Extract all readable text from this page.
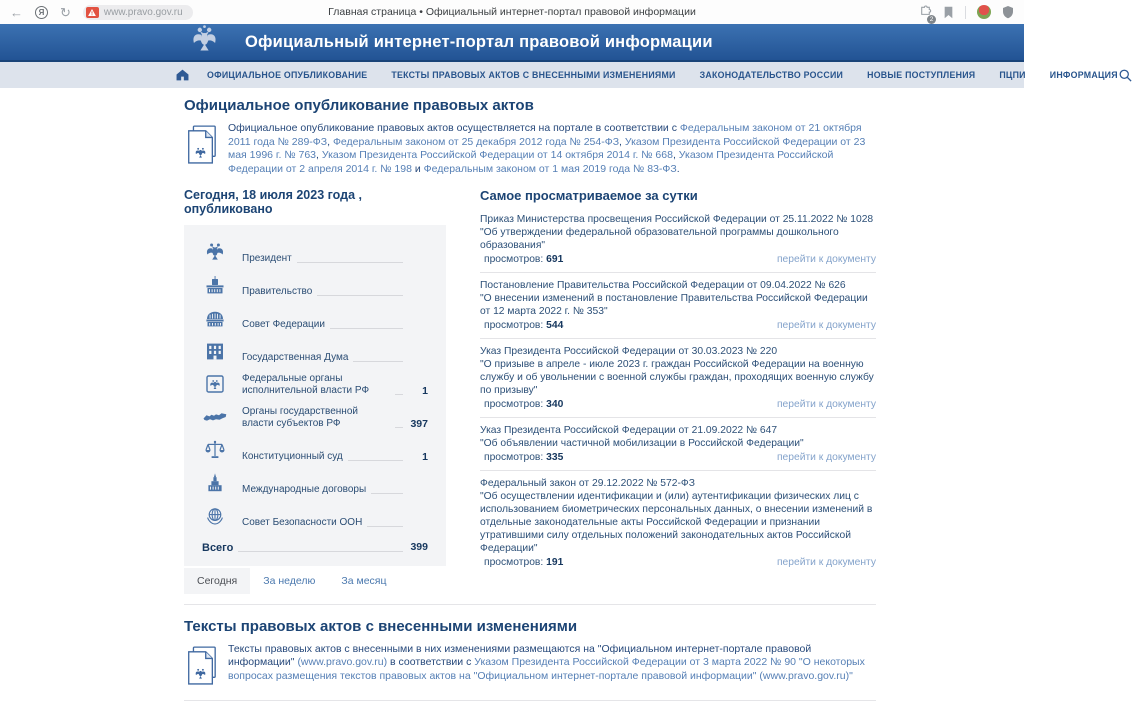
←	Я ↻	www.pravo.gov.ru	Главная страница • Официальный интернет-портал правовой информации
2
Официальный интернет-портал правовой информации
ОФИЦИАЛЬНОЕ ОПУБЛИКОВАНИЕ	ТЕКСТЫ ПРАВОВЫХ АКТОВ С ВНЕСЕННЫМИ ИЗМЕНЕНИЯМИ	ЗАКОНОДАТЕЛЬСТВО РОССИИ	НОВЫЕ ПОСТУПЛЕНИЯ	ПЦПИ	ИНФОРМАЦИЯ
Официальное опубликование правовых актов

Официальное опубликование правовых актов осуществляется на портале в соответствии с Федеральным законом от 21 октября 2011 года № 289-ФЗ, Федеральным законом от 25 декабря 2012 года № 254-ФЗ, Указом Президента Российской Федерации от 23 мая 1996 г. № 763, Указом Президента Российской Федерации от 14 октября 2014 г. № 668, Указом Президента Российской Федерации от 2 апреля 2014 г. № 198 и Федеральным законом от 1 мая 2019 года № 83-ФЗ.

Сегодня, 18 июля 2023 года , опубликовано
Президент
Правительство
Совет Федерации
Государственная Дума
Федеральные органы исполнительной власти РФ	1
Органы государственной власти субъектов РФ	397
Конституционный суд	1
Международные договоры
Совет Безопасности ООН
Всего	399
Сегодня	За неделю	За месяц
Самое просматриваемое за сутки
Приказ Министерства просвещения Российской Федерации от 25.11.2022 № 1028
"Об утверждении федеральной образовательной программы дошкольного образования"
просмотров: 691	перейти к документу
Постановление Правительства Российской Федерации от 09.04.2022 № 626
"О внесении изменений в постановление Правительства Российской Федерации от 12 марта 2022 г. № 353"
просмотров: 544	перейти к документу
Указ Президента Российской Федерации от 30.03.2023 № 220
"О призыве в апреле - июле 2023 г. граждан Российской Федерации на военную службу и об увольнении с военной службы граждан, проходящих военную службу по призыву"
просмотров: 340	перейти к документу
Указ Президента Российской Федерации от 21.09.2022 № 647
"Об объявлении частичной мобилизации в Российской Федерации"
просмотров: 335	перейти к документу
Федеральный закон от 29.12.2022 № 572-ФЗ
"Об осуществлении идентификации и (или) аутентификации физических лиц с использованием биометрических персональных данных, о внесении изменений в отдельные законодательные акты Российской Федерации и признании утратившими силу отдельных положений законодательных актов Российской Федерации"
просмотров: 191	перейти к документу
Тексты правовых актов с внесенными изменениями

Тексты правовых актов с внесенными в них изменениями размещаются на "Официальном интернет-портале правовой информации" (www.pravo.gov.ru) в соответствии с Указом Президента Российской Федерации от 3 марта 2022 № 90 "О некоторых вопросах размещения текстов правовых актов на "Официальном интернет-портале правовой информации" (www.pravo.gov.ru)"
